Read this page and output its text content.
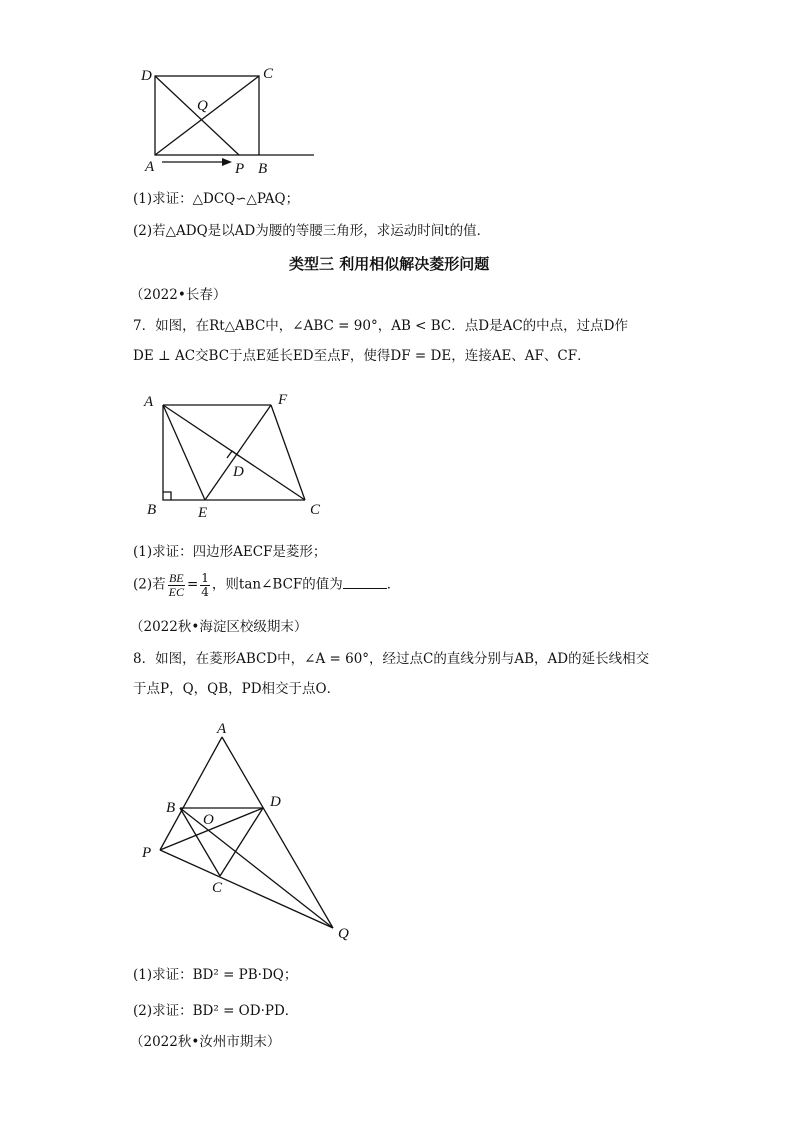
D	C
Q
A	P B
(1)求证：△DCQ∽△PAQ；
(2)若△ADQ是以AD为腰的等腰三角形，求运动时间t的值．
类型三 利用相似解决菱形问题
（2022•长春）
7．如图，在Rt△ABC中，∠ABC = 90°，AB < BC．点D是AC的中点，过点D作
DE ⊥ AC交BC于点E延长ED至点F，使得DF = DE，连接AE、AF、CF．
A	F
D
B	E	C
(1)求证：四边形AECF是菱形；
(2)若 $\frac{BE}{EC} = \frac{1}{4}$ ，则tan∠BCF的值为	．
（2022秋•海淀区校级期末）
8．如图，在菱形ABCD中，∠A = 60°，经过点C的直线分别与AB，AD的延长线相交
于点P，Q，QB，PD相交于点O．
A
B	D
O
P
C
Q
(1)求证：BD² = PB·DQ；
(2)求证：BD² = OD·PD．
（2022秋•汝州市期末）
